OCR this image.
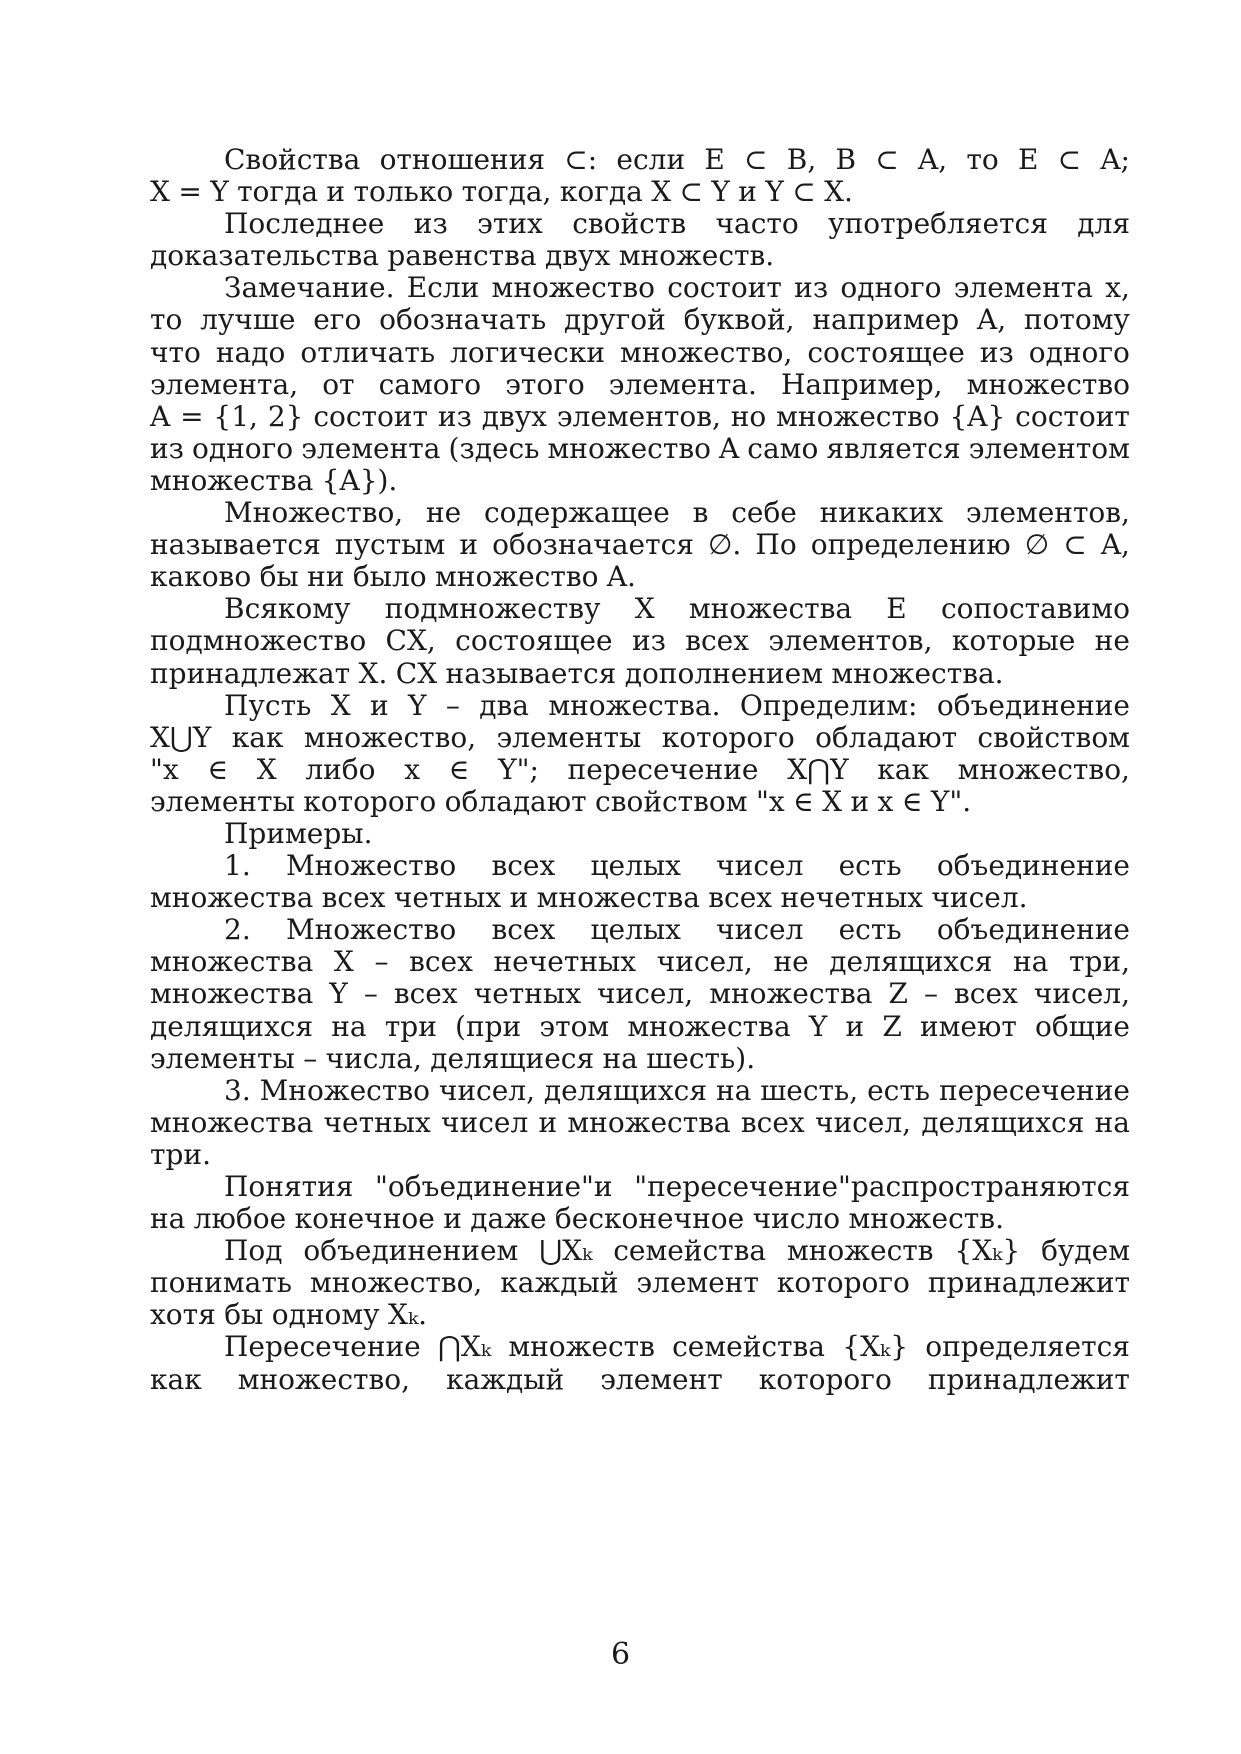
Свойства отношения ⊂: если E ⊂ B, B ⊂ A, то E ⊂ A;
X = Y тогда и только тогда, когда X ⊂ Y и Y ⊂ X.
Последнее из этих свойств часто употребляется для
доказательства равенства двух множеств.
Замечание. Если множество состоит из одного элемента x,
то лучше его обозначать другой буквой, например A, потому
что надо отличать логически множество, состоящее из одного
элемента, от самого этого элемента. Например, множество
A = {1, 2} состоит из двух элементов, но множество {A} состоит
из одного элемента (здесь множество A само является элементом
множества {A}).
Множество, не содержащее в себе никаких элементов,
называется пустым и обозначается ∅. По определению ∅ ⊂ A,
каково бы ни было множество A.
Всякому подмножеству X множества E сопоставимо
подмножество CX, состоящее из всех элементов, которые не
принадлежат X. CX называется дополнением множества.
Пусть X и Y – два множества. Определим: объединение
X⋃Y как множество, элементы которого обладают свойством
"x ∈ X либо x ∈ Y"; пересечение X⋂Y как множество,
элементы которого обладают свойством "x ∈ X и x ∈ Y".
Примеры.
1. Множество всех целых чисел есть объединение
множества всех четных и множества всех нечетных чисел.
2. Множество всех целых чисел есть объединение
множества X – всех нечетных чисел, не делящихся на три,
множества Y – всех четных чисел, множества Z – всех чисел,
делящихся на три (при этом множества Y и Z имеют общие
элементы – числа, делящиеся на шесть).
3. Множество чисел, делящихся на шесть, есть пересечение
множества четных чисел и множества всех чисел, делящихся на
три.
Понятия "объединение"и "пересечение"распространяются
на любое конечное и даже бесконечное число множеств.
Под объединением ⋃Xₖ семейства множеств {Xₖ} будем
понимать множество, каждый элемент которого принадлежит
хотя бы одному Xₖ.
Пересечение ⋂Xₖ множеств семейства {Xₖ} определяется
как множество, каждый элемент которого принадлежит
6
